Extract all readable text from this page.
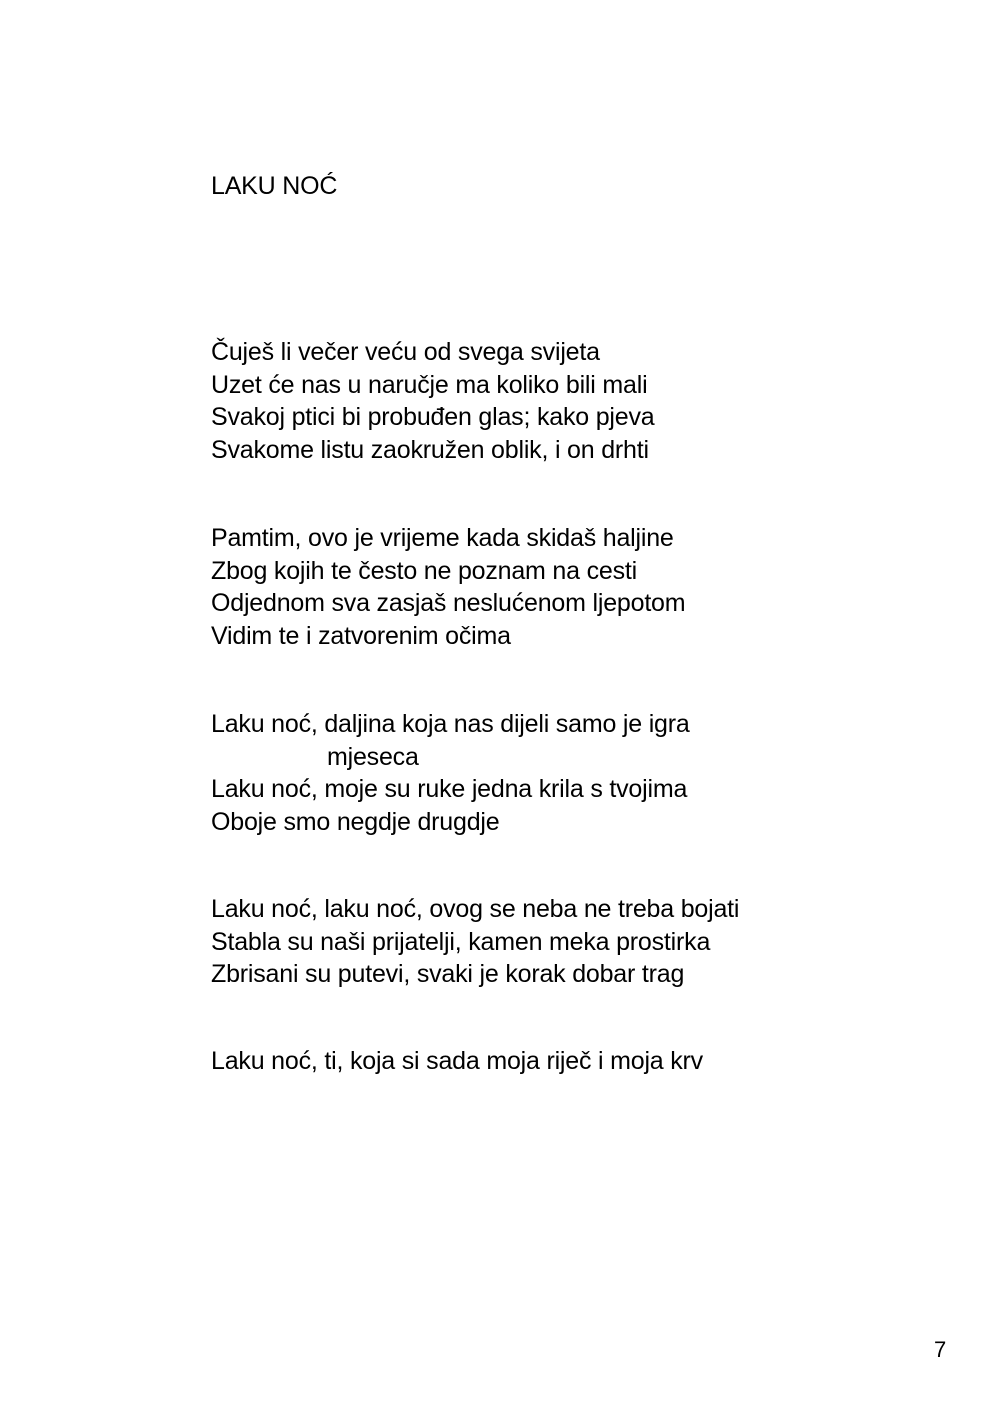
LAKU NOĆ
Čuješ li večer veću od svega svijeta
Uzet će nas u naručje ma koliko bili mali
Svakoj ptici bi probuđen glas; kako pjeva
Svakome listu zaokružen oblik, i on drhti
Pamtim, ovo je vrijeme kada skidaš haljine
Zbog kojih te često ne poznam na cesti
Odjednom sva zasjaš neslućenom ljepotom
Vidim te i zatvorenim očima
Laku noć, daljina koja nas dijeli samo je igra
mjeseca
Laku noć, moje su ruke jedna krila s tvojima
Oboje smo negdje drugdje
Laku noć, laku noć, ovog se neba ne treba bojati
Stabla su naši prijatelji, kamen meka prostirka
Zbrisani su putevi, svaki je korak dobar trag
Laku noć, ti, koja si sada moja riječ i moja krv
7
